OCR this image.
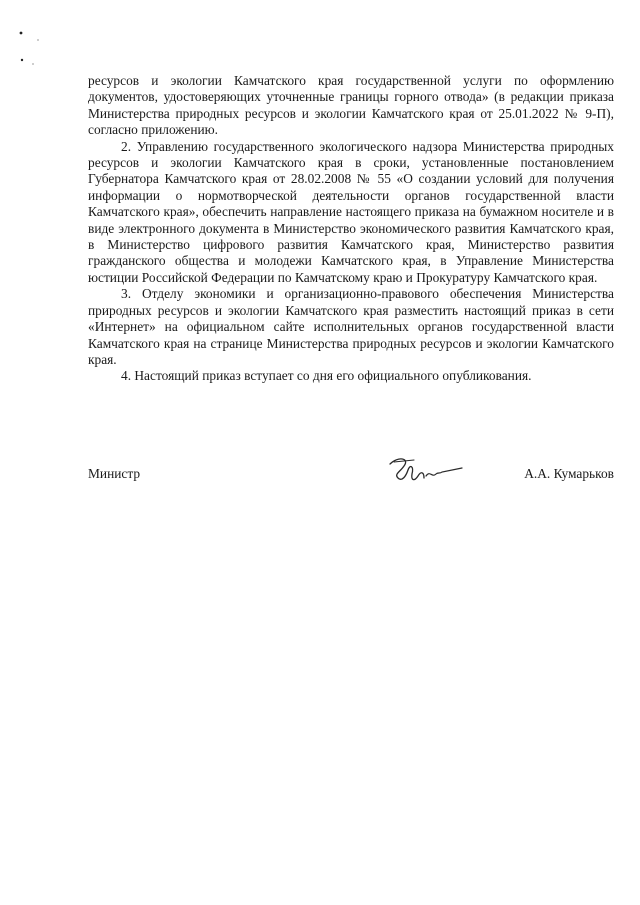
ресурсов и экологии Камчатского края государственной услуги по оформлению документов, удостоверяющих уточненные границы горного отвода» (в редакции приказа Министерства природных ресурсов и экологии Камчатского края от 25.01.2022 № 9-П), согласно приложению.

2. Управлению государственного экологического надзора Министерства природных ресурсов и экологии Камчатского края в сроки, установленные постановлением Губернатора Камчатского края от 28.02.2008 № 55 «О создании условий для получения информации о нормотворческой деятельности органов государственной власти Камчатского края», обеспечить направление настоящего приказа на бумажном носителе и в виде электронного документа в Министерство экономического развития Камчатского края, в Министерство цифрового развития Камчатского края, Министерство развития гражданского общества и молодежи Камчатского края, в Управление Министерства юстиции Российской Федерации по Камчатскому краю и Прокуратуру Камчатского края.

3. Отделу экономики и организационно-правового обеспечения Министерства природных ресурсов и экологии Камчатского края разместить настоящий приказ в сети «Интернет» на официальном сайте исполнительных органов государственной власти Камчатского края на странице Министерства природных ресурсов и экологии Камчатского края.

4. Настоящий приказ вступает со дня его официального опубликования.

Министр	А.А. Кумарьков
